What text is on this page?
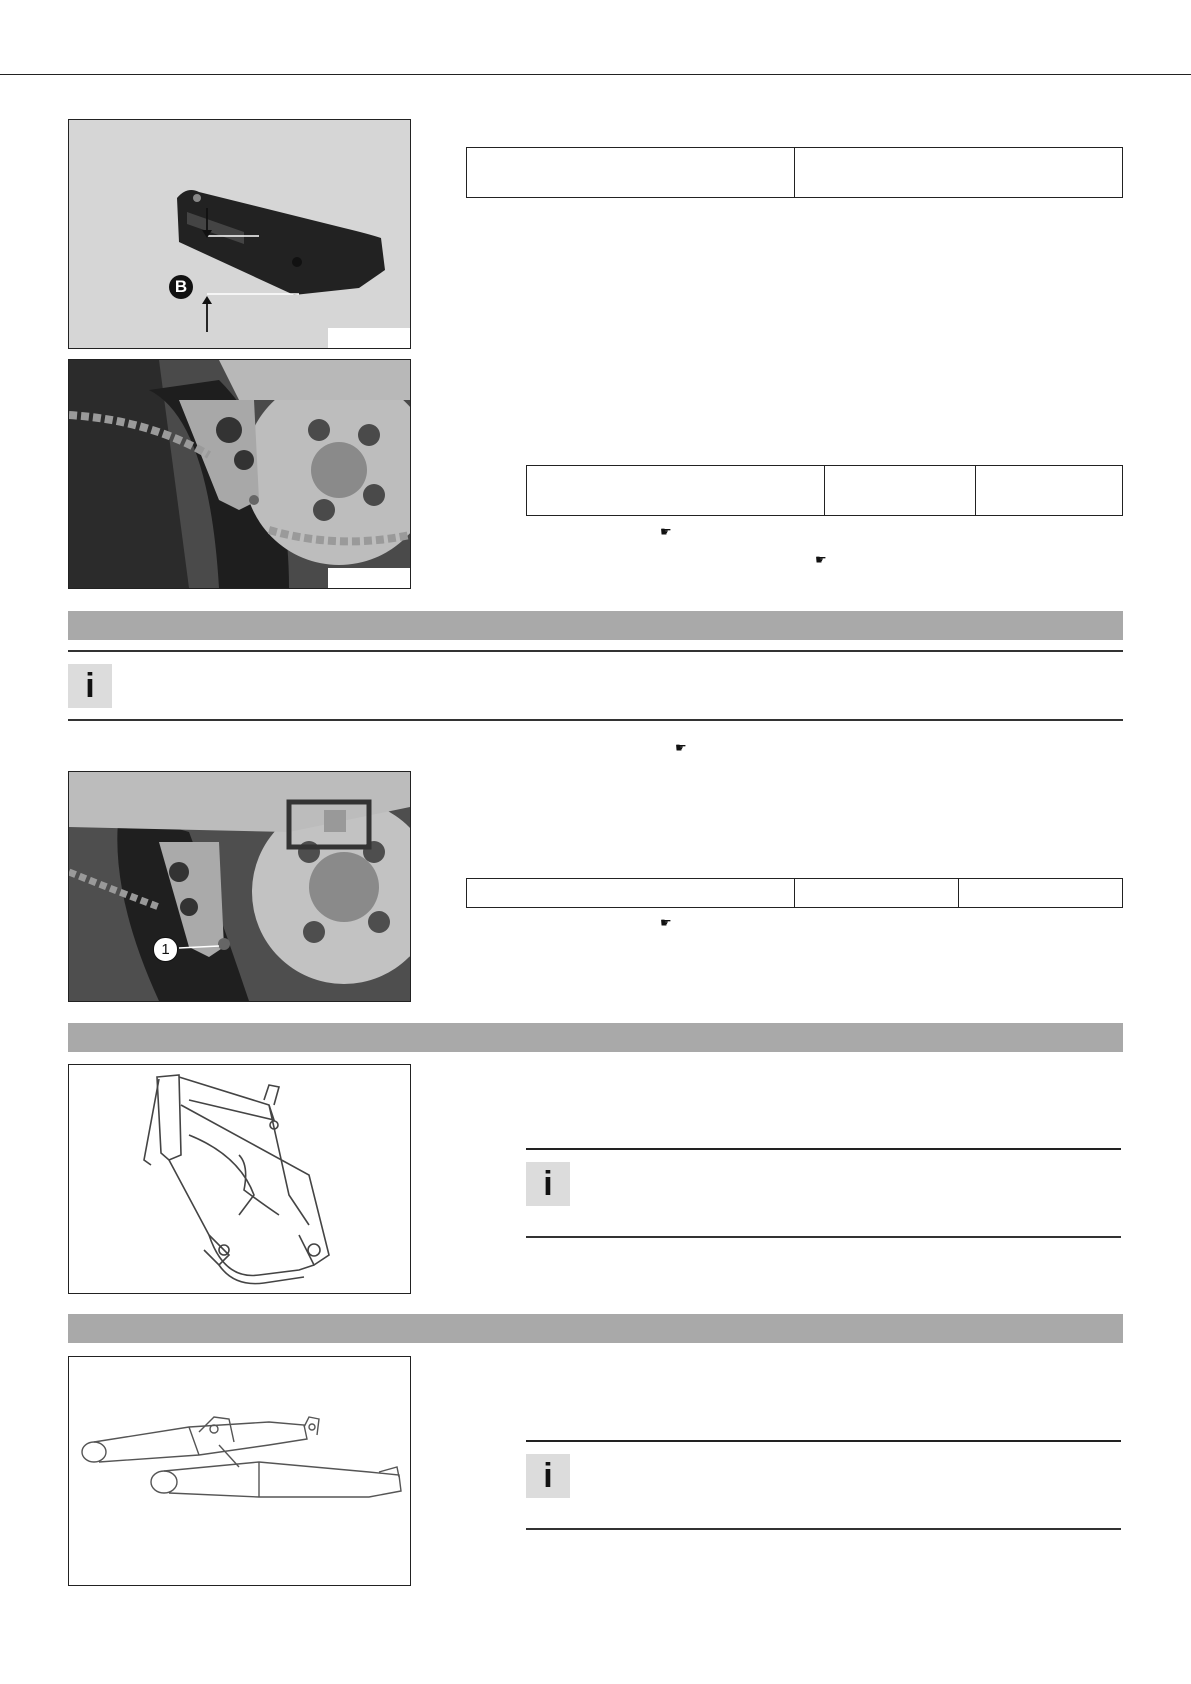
B
☛
☛
i
☛
1
☛
i
i
